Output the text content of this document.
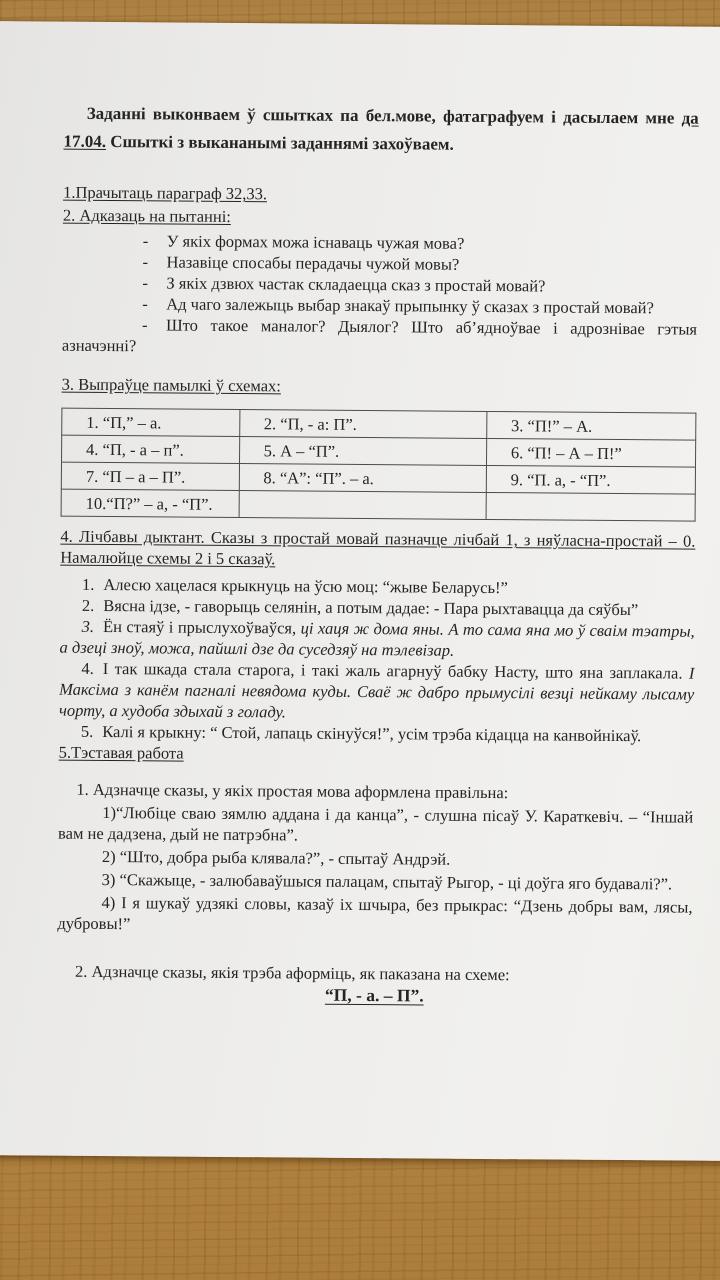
Заданні выконваем ў сшытках па бел.мове, фатаграфуем і дасылаем мне да 17.04. Сшыткі з выкананымі заданнямі захоўваем.

1.Прачытаць параграф 32,33.

2. Адказаць на пытанні:

- У якіх формах можа існаваць чужая мова?

- Назавіце спосабы перадачы чужой мовы?

- З якіх дзвюх частак складаецца сказ з простай мовай?

- Ад чаго залежыць выбар знакаў прыпынку ў сказах з простай мовай?

- Што такое маналог? Дыялог? Што аб’ядноўвае і адрознівае гэтыя азначэнні?

3. Выпраўце памылкі ў схемах:

1. “П,” – а.	2. “П, - а: П”.	3. “П!” – А.
4. “П, - а – п”.	5. А – “П”.	6. “П! – А – П!”
7. “П – а – П”.	8. “А”: “П”. – а.	9. “П. а, - “П”.
10.“П?” – а, - “П”.		

4. Лічбавы дыктант. Сказы з простай мовай пазначце лічбай 1, з няўласна-простай – 0. Намалюйце схемы 2 і 5 сказаў.

1. Алесю хацелася крыкнуць на ўсю моц: “жыве Беларусь!”

2. Вясна ідзе, - гаворыць селянін, а потым дадае: - Пара рыхтавацца да сяўбы”

3. Ён стаяў і прыслухоўваўся, ці хаця ж дома яны. А то сама яна мо ў сваім тэатры, а дзеці зноў, можа, пайшлі дзе да суседзяў на тэлевізар.

4. І так шкада стала старога, і такі жаль агарнуў бабку Насту, што яна заплакала. І Максіма з канём пагналі невядома куды. Сваё ж дабро прымусілі везці нейкаму лысаму чорту, а худоба здыхай з голаду.

5. Калі я крыкну: “ Стой, лапаць скінуўся!”, усім трэба кідацца на канвойнікаў.

5.Тэставая работа

1. Адзначце сказы, у якіх простая мова аформлена правільна:

1)“Любіце сваю зямлю аддана і да канца”, - слушна пісаў У. Караткевіч. – “Іншай вам не дадзена, дый не патрэбна”.

2) “Што, добра рыба клявала?”, - спытаў Андрэй.

3) “Скажыце, - залюбаваўшыся палацам, спытаў Рыгор, - ці доўга яго будавалі?”.

4) І я шукаў удзякі словы, казаў іх шчыра, без прыкрас: “Дзень добры вам, лясы, дубровы!”

2. Адзначце сказы, якія трэба аформіць, як паказана на схеме:

“П, - а. – П”.
